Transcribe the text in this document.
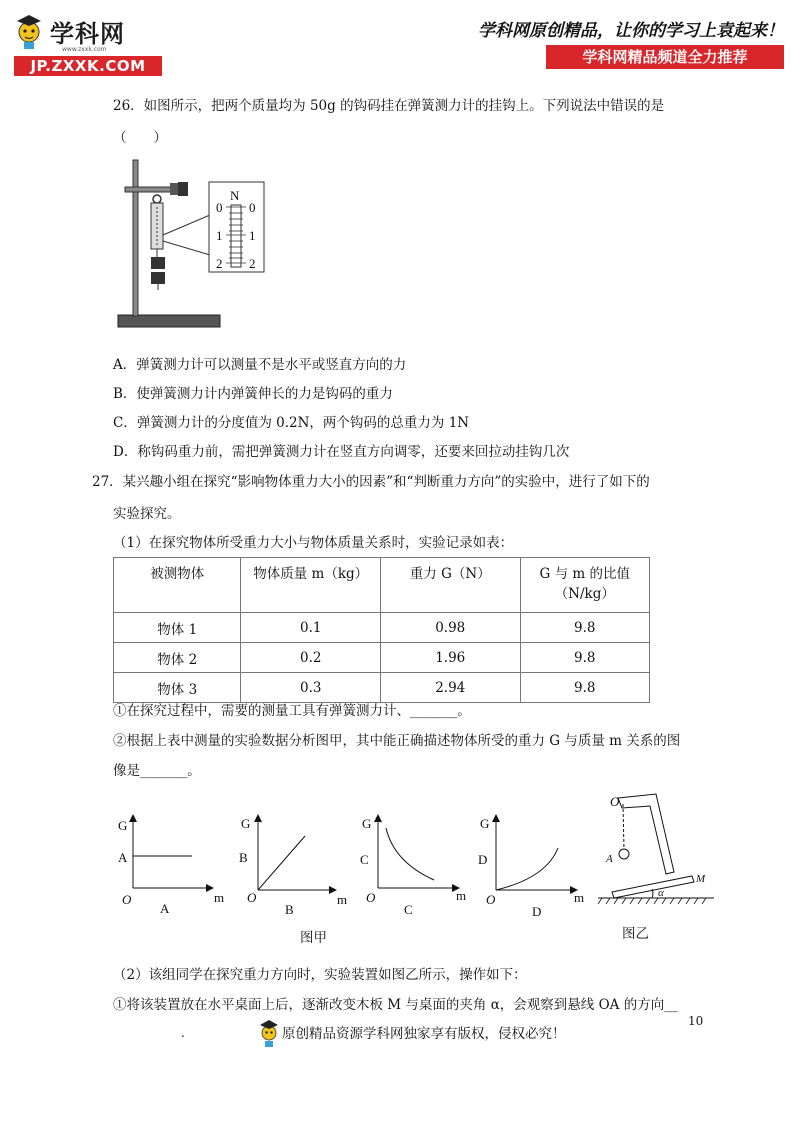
学科网
www.zxxk.com
JP.ZXXK.COM
学科网原创精品，让你的学习上袁起来！
学科网精品频道全力推荐
26．如图所示，把两个质量均为 50g 的钩码挂在弹簧测力计的挂钩上。下列说法中错误的是
（　　）
N
0
1
2
0
1
2
A．弹簧测力计可以测量不是水平或竖直方向的力
B．使弹簧测力计内弹簧伸长的力是钩码的重力
C．弹簧测力计的分度值为 0.2N，两个钩码的总重力为 1N
D．称钩码重力前，需把弹簧测力计在竖直方向调零，还要来回拉动挂钩几次
27．某兴趣小组在探究“影响物体重力大小的因素”和“判断重力方向”的实验中，进行了如下的
实验探究。
（1）在探究物体所受重力大小与物体质量关系时，实验记录如表：
被测物体	物体质量 m（kg）	重力 G（N）	G 与 m 的比值（N/kg）
物体 1	0.1	0.98	9.8
物体 2	0.2	1.96	9.8
物体 3	0.3	2.94	9.8
①在探究过程中，需要的测量工具有弹簧测力计、_______。
②根据上表中测量的实验数据分析图甲，其中能正确描述物体所受的重力 G 与质量 m 关系的图
像是_______。
G
A
O	m
A
G
B
O	m
B
G
C
O	m
C
G
D
O	m
D
图甲
O
A
M
α
图乙
（2）该组同学在探究重力方向时，实验装置如图乙所示，操作如下：
①将该装置放在水平桌面上后，逐渐改变木板 M 与桌面的夹角 α，会观察到悬线 OA 的方向__
10
.	原创精品资源学科网独家享有版权，侵权必究！
